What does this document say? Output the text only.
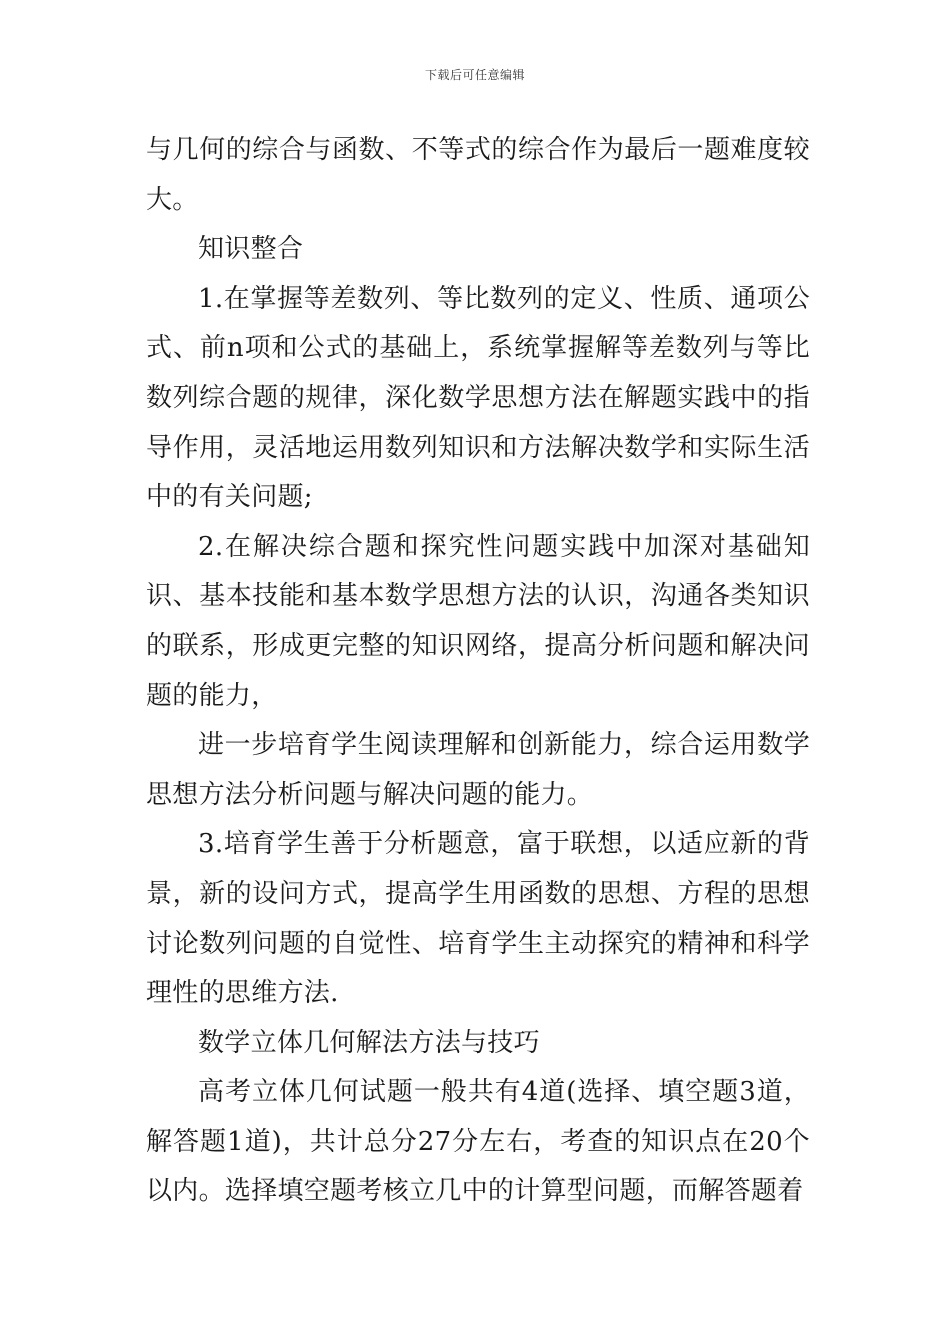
下载后可任意编辑

与几何的综合与函数、不等式的综合作为最后一题难度较大。

知识整合

1.在掌握等差数列、等比数列的定义、性质、通项公式、前n项和公式的基础上，系统掌握解等差数列与等比数列综合题的规律，深化数学思想方法在解题实践中的指导作用，灵活地运用数列知识和方法解决数学和实际生活中的有关问题;

2.在解决综合题和探究性问题实践中加深对基础知识、基本技能和基本数学思想方法的认识，沟通各类知识的联系，形成更完整的知识网络，提高分析问题和解决问题的能力，

进一步培育学生阅读理解和创新能力，综合运用数学思想方法分析问题与解决问题的能力。

3.培育学生善于分析题意，富于联想，以适应新的背景，新的设问方式，提高学生用函数的思想、方程的思想讨论数列问题的自觉性、培育学生主动探究的精神和科学理性的思维方法.

数学立体几何解法方法与技巧

高考立体几何试题一般共有4道(选择、填空题3道，解答题1道)，共计总分27分左右，考查的知识点在20个以内。选择填空题考核立几中的计算型问题，而解答题着
